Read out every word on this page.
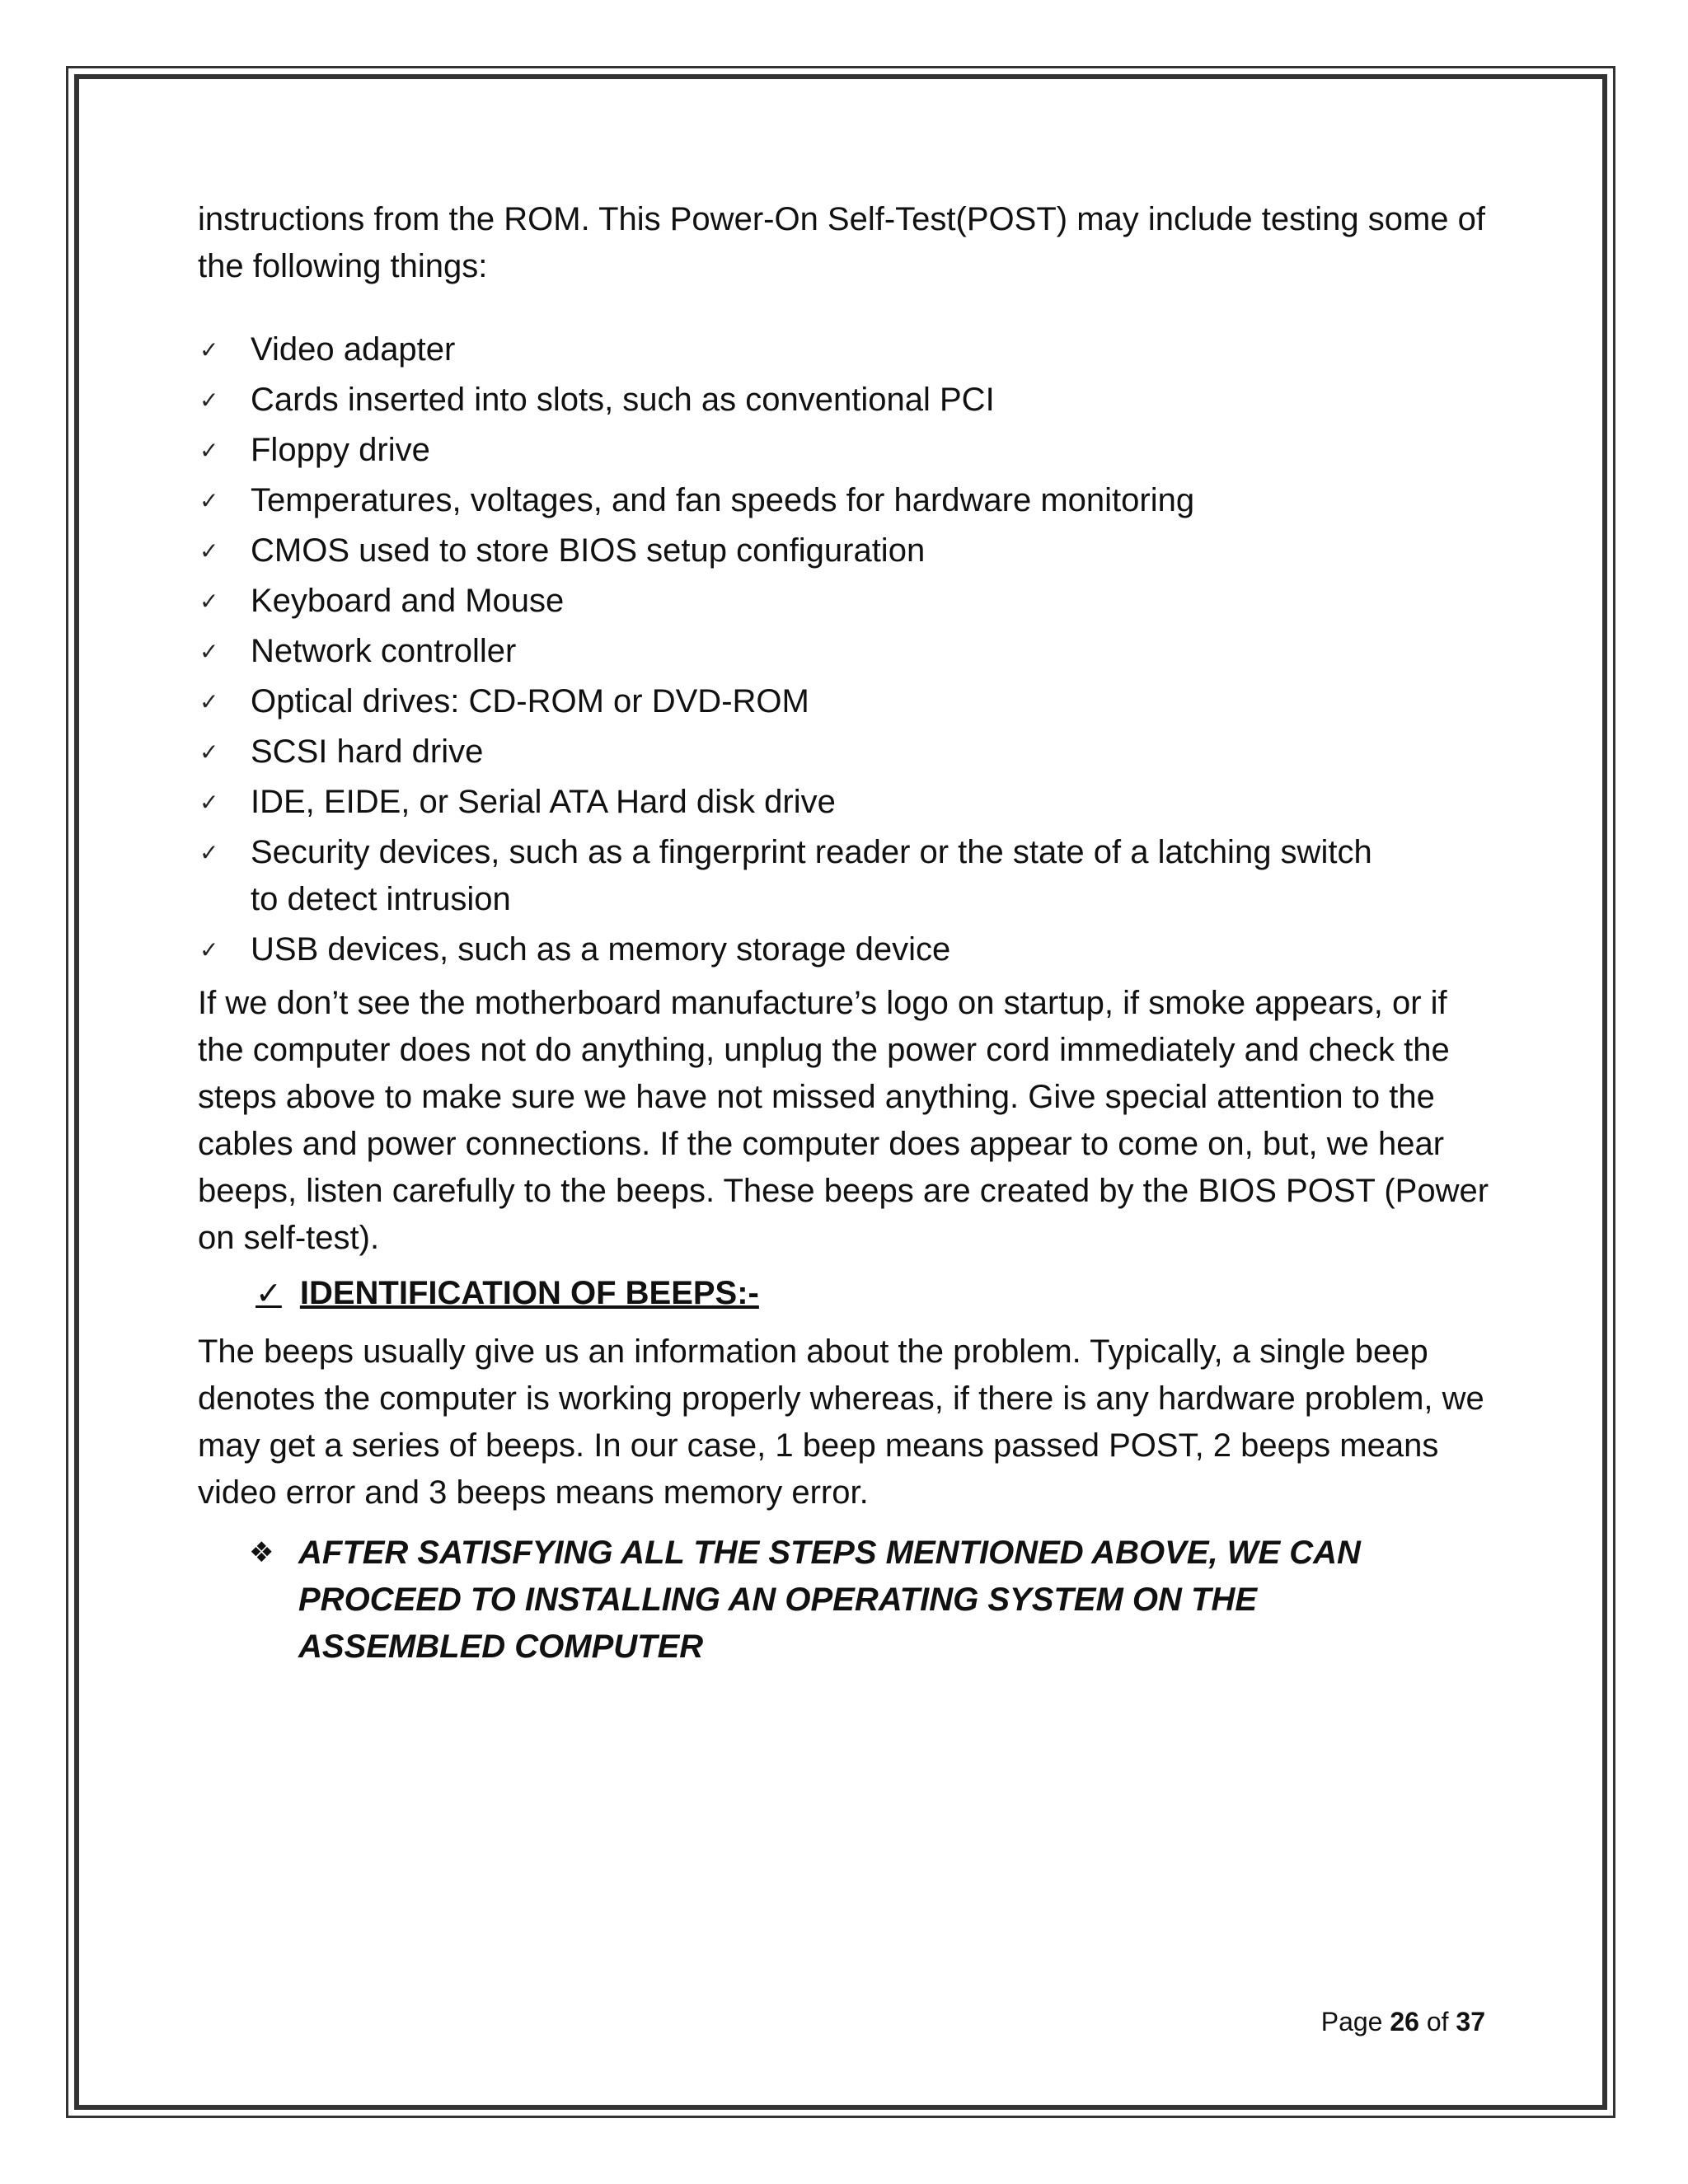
instructions from the ROM. This Power-On Self-Test(POST) may include testing some of the following things:

✓ Video adapter
✓ Cards inserted into slots, such as conventional PCI
✓ Floppy drive
✓ Temperatures, voltages, and fan speeds for hardware monitoring
✓ CMOS used to store BIOS setup configuration
✓ Keyboard and Mouse
✓ Network controller
✓ Optical drives: CD-ROM or DVD-ROM
✓ SCSI hard drive
✓ IDE, EIDE, or Serial ATA Hard disk drive
✓ Security devices, such as a fingerprint reader or the state of a latching switch to detect intrusion
✓ USB devices, such as a memory storage device

If we don’t see the motherboard manufacture’s logo on startup, if smoke appears, or if the computer does not do anything, unplug the power cord immediately and check the steps above to make sure we have not missed anything. Give special attention to the cables and power connections. If the computer does appear to come on, but, we hear beeps, listen carefully to the beeps. These beeps are created by the BIOS POST (Power on self-test).

✓ IDENTIFICATION OF BEEPS:-

The beeps usually give us an information about the problem. Typically, a single beep denotes the computer is working properly whereas, if there is any hardware problem, we may get a series of beeps. In our case, 1 beep means passed POST, 2 beeps means video error and 3 beeps means memory error.

❖ AFTER SATISFYING ALL THE STEPS MENTIONED ABOVE, WE CAN PROCEED TO INSTALLING AN OPERATING SYSTEM ON THE ASSEMBLED COMPUTER
Page 26 of 37
